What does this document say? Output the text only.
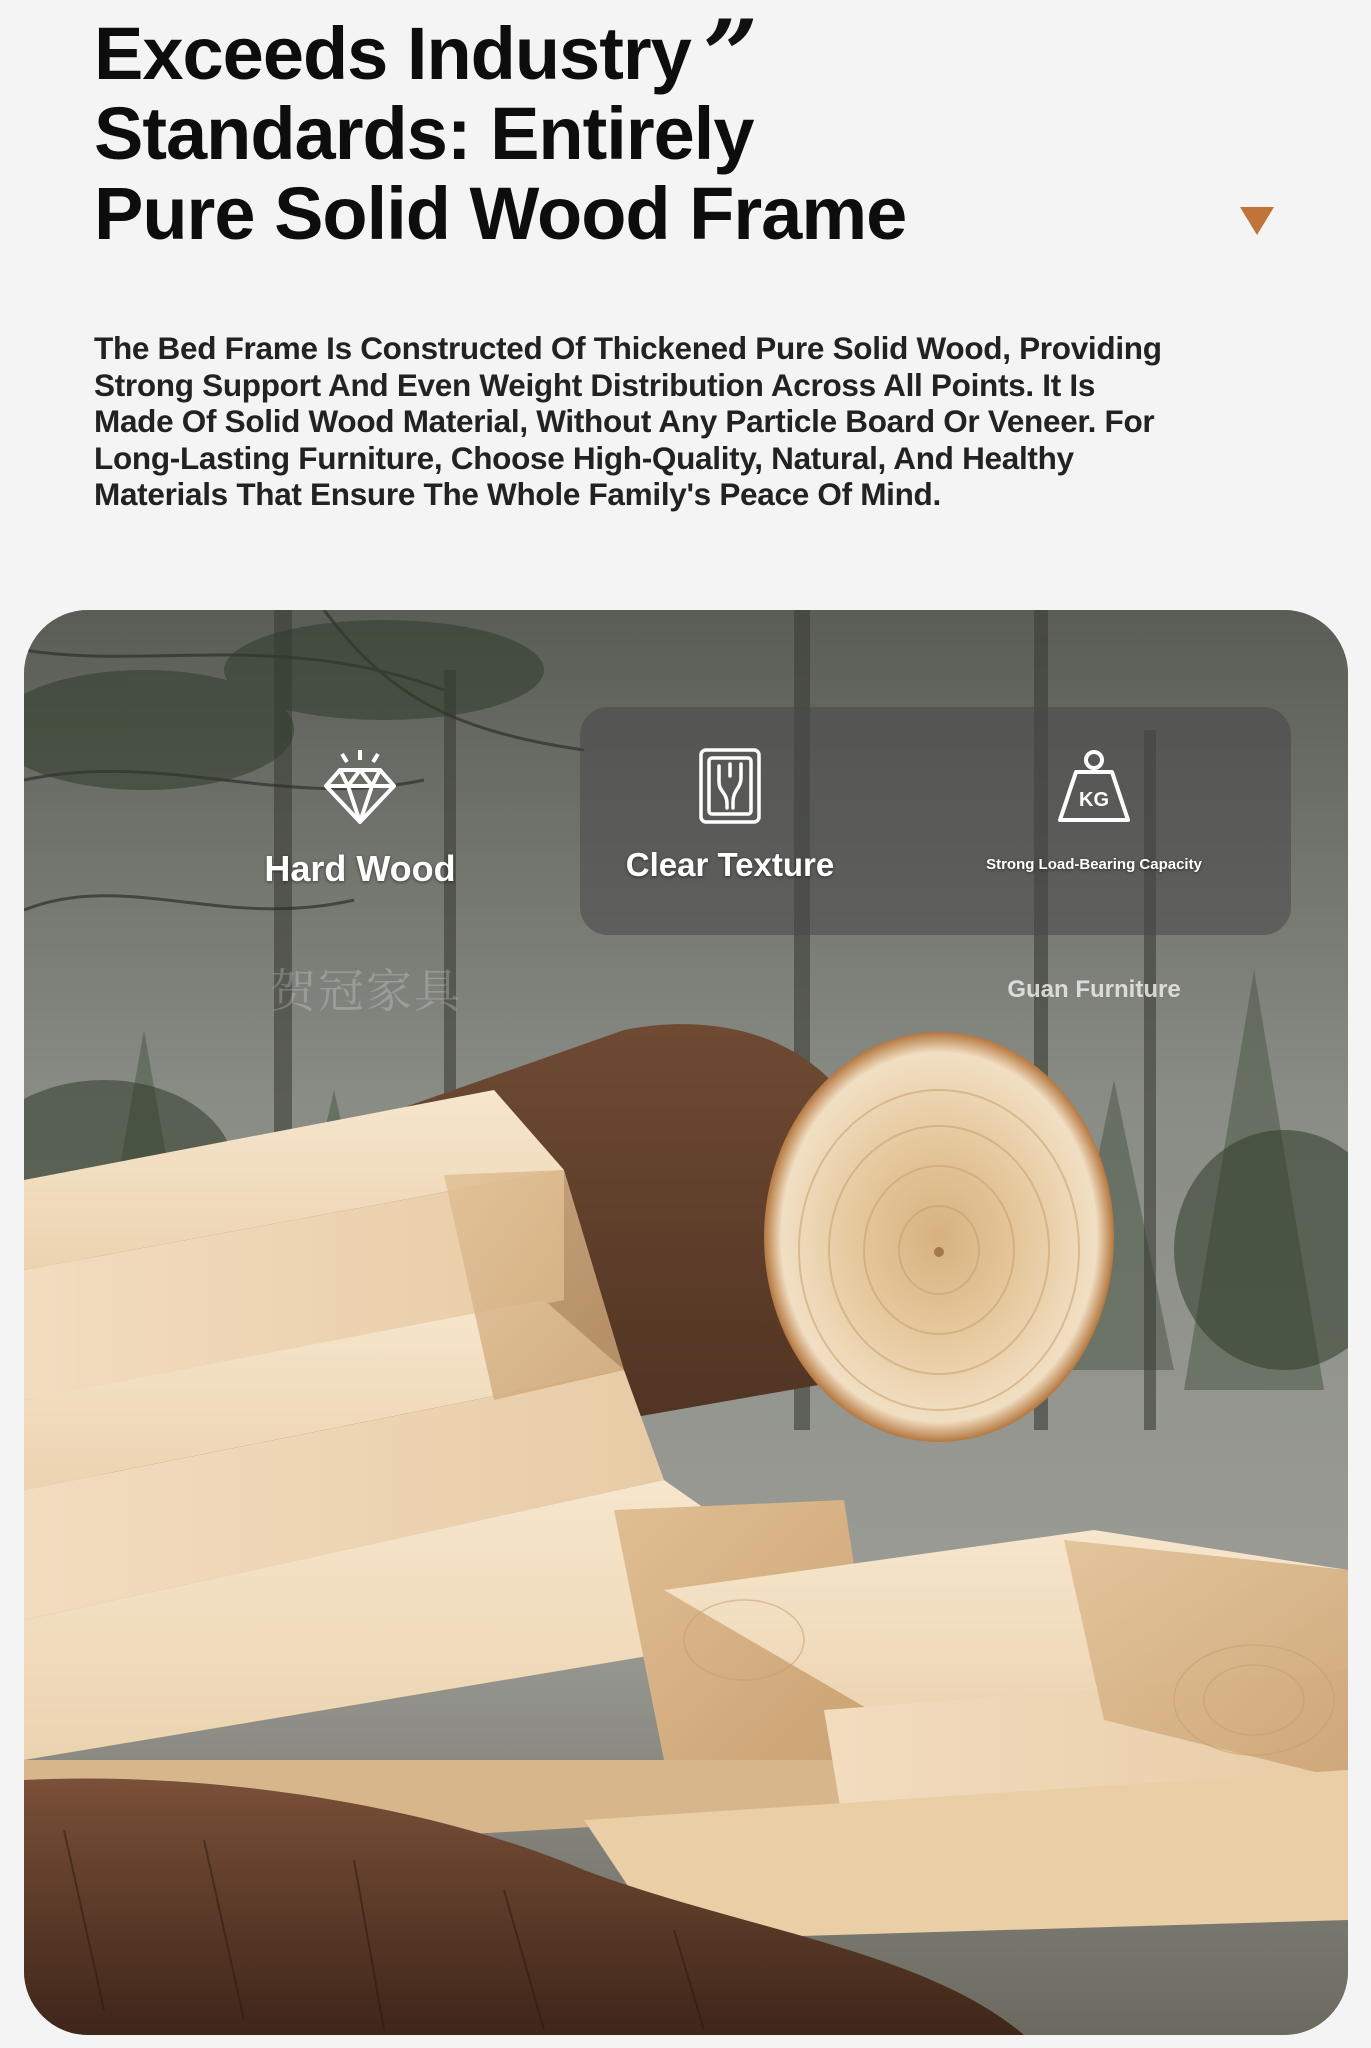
Exceeds Industry
Standards: Entirely
Pure Solid Wood Frame
”
The Bed Frame Is Constructed Of Thickened Pure Solid Wood, Providing Strong Support And Even Weight Distribution Across All Points. It Is Made Of Solid Wood Material, Without Any Particle Board Or Veneer. For Long-Lasting Furniture, Choose High-Quality, Natural, And Healthy Materials That Ensure The Whole Family's Peace Of Mind.
Hard Wood	Clear Texture
KG
Strong Load-Bearing Capacity
贺冠家具	Guan Furniture
